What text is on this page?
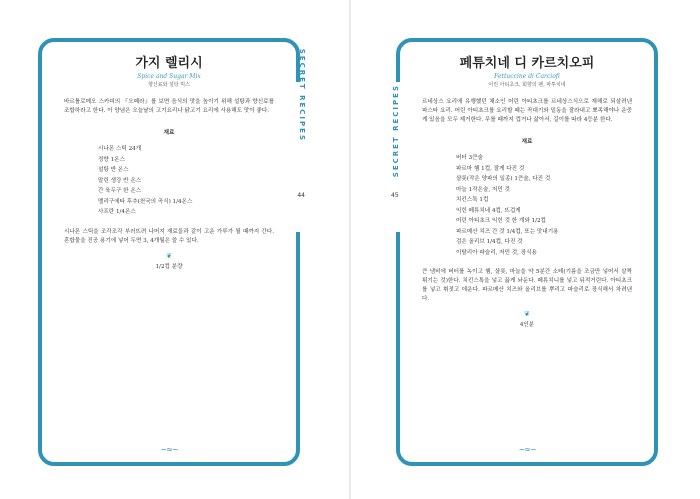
SECRET RECIPES
44
가지 렐리시
Spice and Sugar Mix
향신료와 설탕 믹스

바르톨로메오 스카피의 『오페라』를 보면 음식의 맛을 높이기 위해 설탕과 향신료를 조합하라고 한다. 이 양념은 오늘날의 고기요리나 닭고기 요리에 사용해도 맛이 좋다.

재료
시나몬 스틱 24개
정향 1온스
설탕 반 온스
말린 생강 반 온스
간 육두구 한 온스
멜리구에타 후추(천국의 곡식) 1/4온스
사프란 1/4온스

시나몬 스틱을 조각조각 부러뜨려 나머지 재료들과 같이 고운 가루가 될 때까지 간다. 혼합물을 진공 용기에 넣어 두면 3, 4개월은 쓸 수 있다.

❦
1/2컵 분량
~≈~
SECRET RECIPES
45
페튜치네 디 카르치오피
Fettuccine di Carciofi
어린 아티초크, 회향의 펜, 파투치네

르네상스 요리에 유행했던 채소인 어린 아티초크를 르네상스식으로 재해로 되살려낸 파스타 요리. 어린 아티초크를 요리할 때는 꼭대기와 밑동을 잘라내고 뾰족해야나 운중게 있음을 모두 제거한다. 무를 때까지 껍거나 삶아서, 길이를 따라 4등분 한다.

재료
버터 3큰술
파르마 햄 1컵, 잘게 다진 것
샬롯(작은 양파의 일종) 1큰술, 다진 것
마늘 1작은술, 저민 것
치킨스톡 1컵
익힌 페튜치네 4컵, 뜨겁게
어린 아티초크 익힌 것 한 개와 1/2컵
파르메산 치즈 간 것 1/4컵, 또는 맛내기용
검은 올리브 1/4컵, 다진 것
이탈리아 파슬리, 저민 것, 장식용

큰 냄비에 버터를 녹이고 햄, 샬롯, 마늘을 약 5분간 소테(기름을 조금만 넣어서 살짝 튀기는 것)한다. 치킨스톡을 넣고 끓게 놔둔다. 페튜치니를 넣고 뒤적거린다. 아티초크를 넣고 휘젓고 데운다. 파르메산 치즈와 올리브를 뿌리고 파슬리로 장식해서 차려낸다.

❦
4인분
~≈~
